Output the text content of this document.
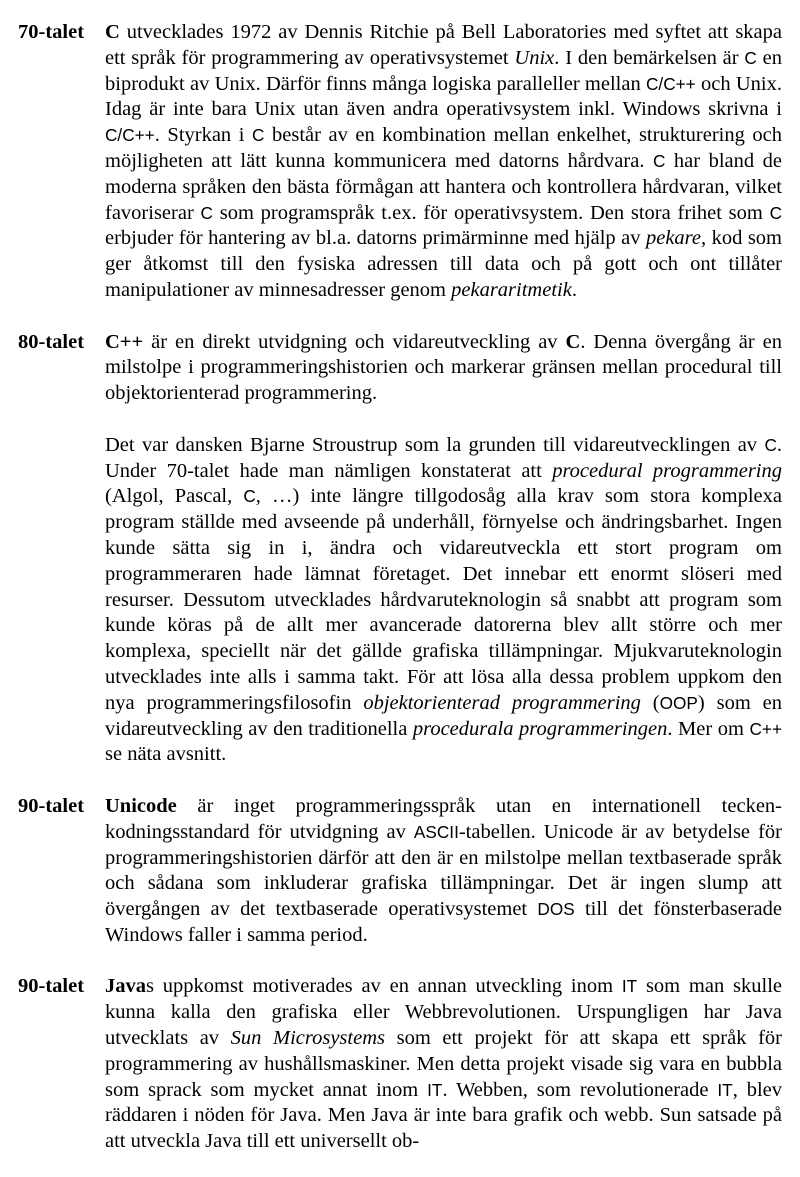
70-talet	C utvecklades 1972 av Dennis Ritchie på Bell Laboratories med syftet att skapa ett språk för programmering av operativsystemet Unix. I den bemärkelsen är C en biprodukt av Unix. Därför finns många logiska paralleller mellan C/C++ och Unix. Idag är inte bara Unix utan även andra operativsystem inkl. Windows skrivna i C/C++. Styrkan i C består av en kombination mellan enkelhet, strukturering och möjligheten att lätt kunna kommunicera med datorns hårdvara. C har bland de moderna språken den bästa förmågan att hantera och kontrollera hårdvaran, vilket favoriserar C som programspråk t.ex. för operativsystem. Den stora frihet som C erbjuder för hantering av bl.a. datorns primärminne med hjälp av pekare, kod som ger åtkomst till den fysiska adressen till data och på gott och ont tillåter manipulationer av minnesadresser genom pekararitmetik.

80-talet	C++ är en direkt utvidgning och vidareutveckling av C. Denna övergång är en milstolpe i programmeringshistorien och markerar gränsen mellan procedural till objektorienterad programmering.

Det var dansken Bjarne Stroustrup som la grunden till vidareutvecklingen av C. Under 70-talet hade man nämligen konstaterat att procedural programmering (Algol, Pascal, C, …) inte längre tillgodosåg alla krav som stora komplexa program ställde med avseende på underhåll, förnyelse och ändringsbarhet. Ingen kunde sätta sig in i, ändra och vidareutveckla ett stort program om programmeraren hade lämnat företaget. Det innebar ett enormt slöseri med resurser. Dessutom utvecklades hårdvaruteknologin så snabbt att program som kunde köras på de allt mer avancerade datorerna blev allt större och mer komplexa, speciellt när det gällde grafiska tillämpningar. Mjukvaruteknologin utvecklades inte alls i samma takt. För att lösa alla dessa problem uppkom den nya programmeringsfilosofin objektorienterad programmering (OOP) som en vidareutveckling av den traditionella procedurala programmeringen. Mer om C++ se näta avsnitt.

90-talet	Unicode är inget programmeringsspråk utan en internationell teckenkodningsstandard för utvidgning av ASCII-tabellen. Unicode är av betydelse för programmeringshistorien därför att den är en milstolpe mellan textbaserade språk och sådana som inkluderar grafiska tillämpningar. Det är ingen slump att övergången av det textbaserade operativsystemet DOS till det fönsterbaserade Windows faller i samma period.

90-talet	Javas uppkomst motiverades av en annan utveckling inom IT som man skulle kunna kalla den grafiska eller Webbrevolutionen. Urspungligen har Java utvecklats av Sun Microsystems som ett projekt för att skapa ett språk för programmering av hushållsmaskiner. Men detta projekt visade sig vara en bubbla som sprack som mycket annat inom IT. Webben, som revolutionerade IT, blev räddaren i nöden för Java. Men Java är inte bara grafik och webb. Sun satsade på att utveckla Java till ett universellt ob-
